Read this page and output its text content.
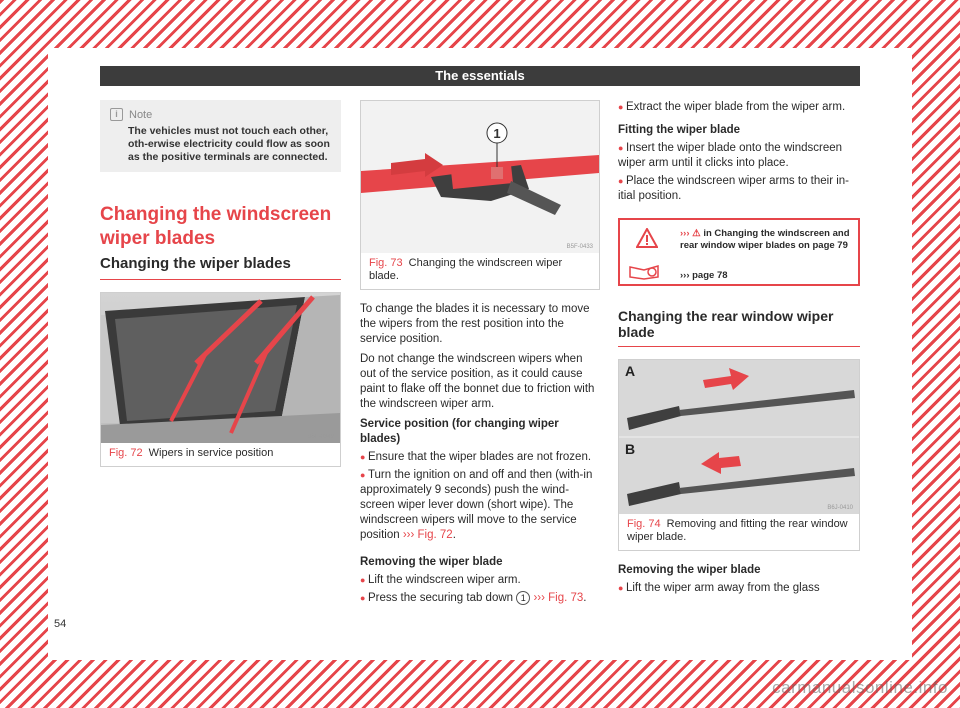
The essentials
i	Note
The vehicles must not touch each other, oth-erwise electricity could flow as soon as the positive terminals are connected.
Changing the windscreen wiper blades
Changing the wiper blades
B5F-0349
Fig. 72 Wipers in service position
1
B5F-0433
Fig. 73 Changing the windscreen wiper blade.

To change the blades it is necessary to move the wipers from the rest position into the service position.

Do not change the windscreen wipers when out of the service position, as it could cause paint to flake off the bonnet due to friction with the windscreen wiper arm.

Service position (for changing wiper blades)

● Ensure that the wiper blades are not frozen.

● Turn the ignition on and off and then (with-in approximately 9 seconds) push the wind-screen wiper lever down (short wipe). The windscreen wipers will move to the service position ››› Fig. 72.

Removing the wiper blade

● Lift the windscreen wiper arm.

● Press the securing tab down 1 ››› Fig. 73.

● Extract the wiper blade from the wiper arm.

Fitting the wiper blade

● Insert the wiper blade onto the windscreen wiper arm until it clicks into place.

● Place the windscreen wiper arms to their in-itial position.

››› ⚠ in Changing the windscreen and rear window wiper blades on page 79
››› page 78
Changing the rear window wiper blade
A
B
B6J-0410
Fig. 74 Removing and fitting the rear window wiper blade.

Removing the wiper blade

● Lift the wiper arm away from the glass

54
carmanualsonline.info
